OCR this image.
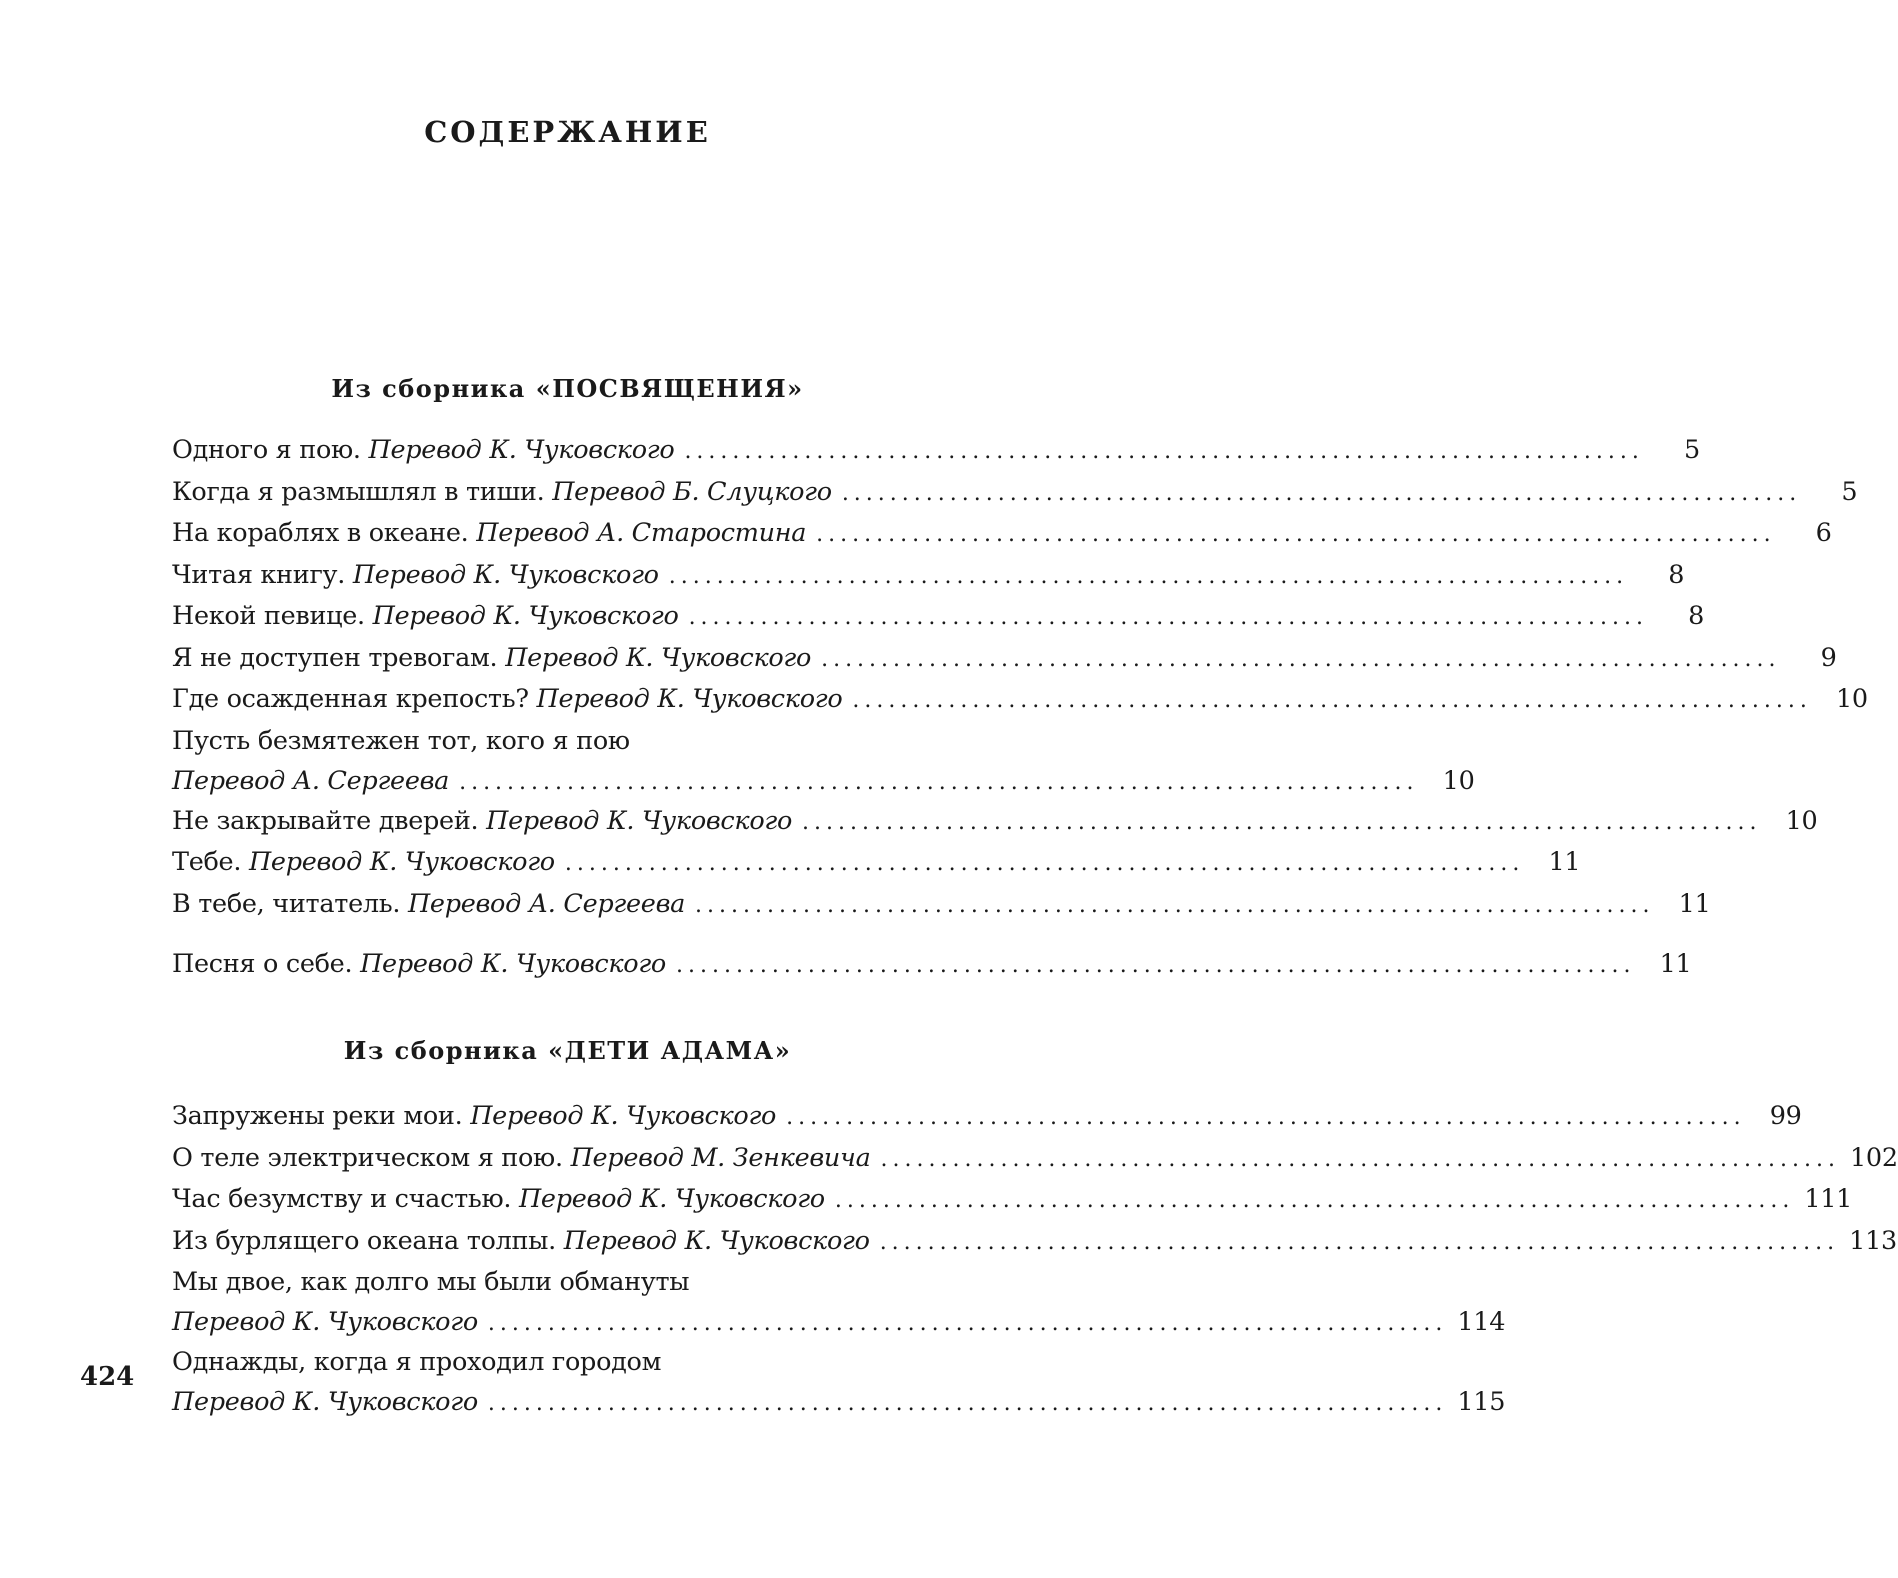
СОДЕРЖАНИЕ
Из сборника «ПОСВЯЩЕНИЯ»
Одного я пою.
Перевод К. Чуковского ................................................................................	5
Когда я размышлял в тиши.
Перевод Б. Слуцкого ................................................................................	5
На кораблях в океане.
Перевод А. Старостина ................................................................................	6
Читая книгу.
Перевод К. Чуковского ................................................................................	8
Некой певице.
Перевод К. Чуковского ................................................................................	8
Я не доступен тревогам.
Перевод К. Чуковского ................................................................................	9
Где осажденная крепость?
Перевод К. Чуковского ................................................................................ 10
Пусть безмятежен тот, кого я пою
Перевод А. Сергеева ................................................................................ 10
Не закрывайте дверей.
Перевод К. Чуковского ................................................................................ 10
Тебе.
Перевод К. Чуковского ................................................................................ 11
В тебе, читатель.
Перевод А. Сергеева ................................................................................ 11
Песня о себе.
Перевод К. Чуковского ................................................................................ 11
Из сборника «ДЕТИ АДАМА»
Запружены реки мои.
Перевод К. Чуковского ................................................................................ 99
О теле электрическом я пою.
Перевод М. Зенкевича ................................................................................ 102
Час безумству и счастью.
Перевод К. Чуковского ................................................................................ 111
Из бурлящего океана толпы.
Перевод К. Чуковского ................................................................................ 113
Мы двое, как долго мы были обмануты
Перевод К. Чуковского ................................................................................ 114
Однажды, когда я проходил городом
Перевод К. Чуковского ................................................................................ 115
424
